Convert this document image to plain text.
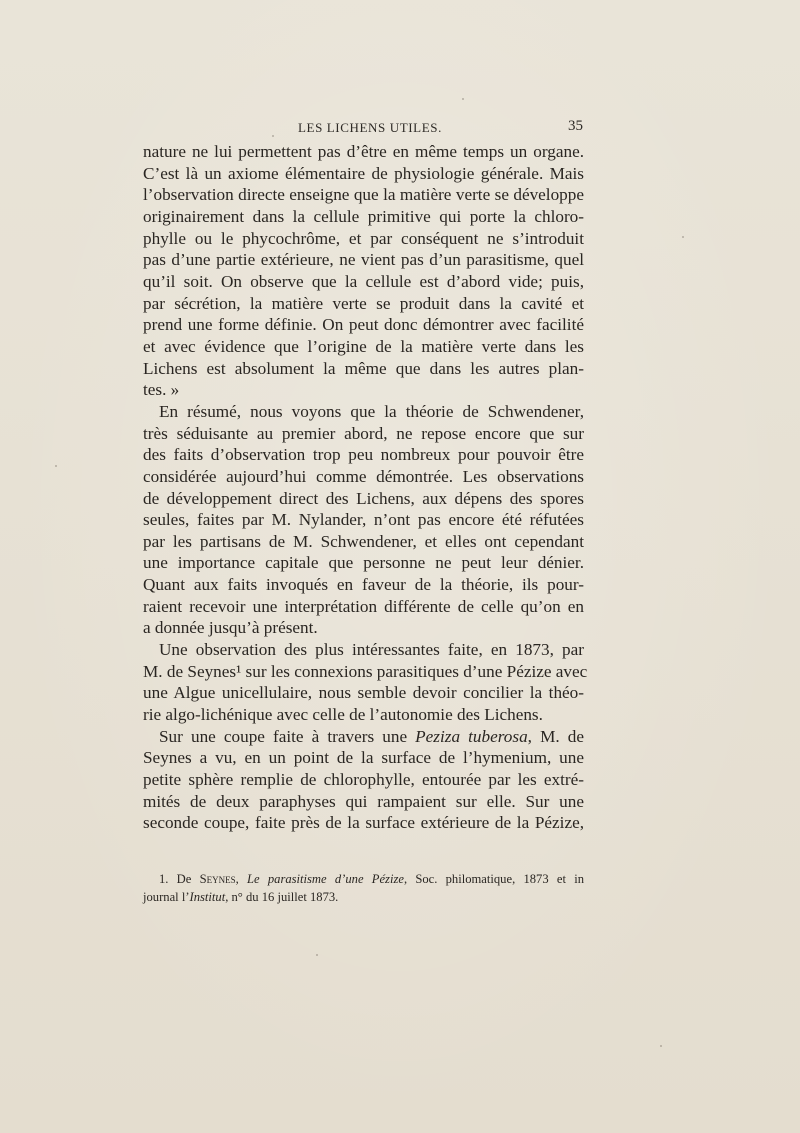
LES LICHENS UTILES.	35
nature ne lui permettent pas d’être en même temps un organe.
C’est là un axiome élémentaire de physiologie générale. Mais
l’observation directe enseigne que la matière verte se développe
originairement dans la cellule primitive qui porte la chloro-
phylle ou le phycochrôme, et par conséquent ne s’introduit
pas d’une partie extérieure, ne vient pas d’un parasitisme, quel
qu’il soit. On observe que la cellule est d’abord vide; puis,
par sécrétion, la matière verte se produit dans la cavité et
prend une forme définie. On peut donc démontrer avec facilité
et avec évidence que l’origine de la matière verte dans les
Lichens est absolument la même que dans les autres plan-
tes. »
En résumé, nous voyons que la théorie de Schwendener,
très séduisante au premier abord, ne repose encore que sur
des faits d’observation trop peu nombreux pour pouvoir être
considérée aujourd’hui comme démontrée. Les observations
de développement direct des Lichens, aux dépens des spores
seules, faites par M. Nylander, n’ont pas encore été réfutées
par les partisans de M. Schwendener, et elles ont cependant
une importance capitale que personne ne peut leur dénier.
Quant aux faits invoqués en faveur de la théorie, ils pour-
raient recevoir une interprétation différente de celle qu’on en
a donnée jusqu’à présent.
Une observation des plus intéressantes faite, en 1873, par
M. de Seynes¹ sur les connexions parasitiques d’une Pézize avec
une Algue unicellulaire, nous semble devoir concilier la théo-
rie algo-lichénique avec celle de l’autonomie des Lichens.
Sur une coupe faite à travers une Peziza tuberosa, M. de
Seynes a vu, en un point de la surface de l’hymenium, une
petite sphère remplie de chlorophylle, entourée par les extré-
mités de deux paraphyses qui rampaient sur elle. Sur une
seconde coupe, faite près de la surface extérieure de la Pézize,
1. De Seynes, Le parasitisme d’une Pézize, Soc. philomatique, 1873 et in
journal l’Institut, n° du 16 juillet 1873.
